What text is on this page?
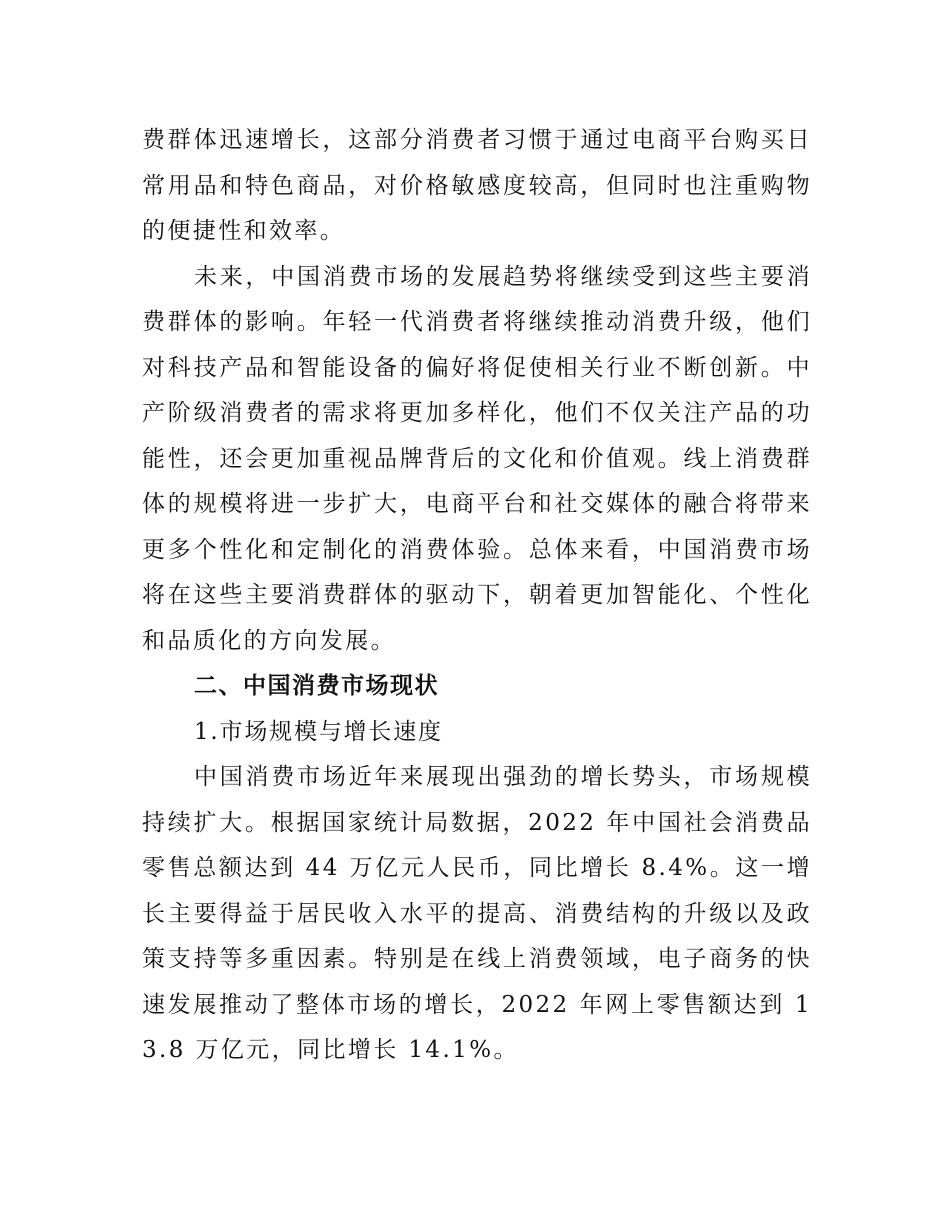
费群体迅速增长，这部分消费者习惯于通过电商平台购买日常用品和特色商品，对价格敏感度较高，但同时也注重购物的便捷性和效率。

未来，中国消费市场的发展趋势将继续受到这些主要消费群体的影响。年轻一代消费者将继续推动消费升级，他们对科技产品和智能设备的偏好将促使相关行业不断创新。中产阶级消费者的需求将更加多样化，他们不仅关注产品的功能性，还会更加重视品牌背后的文化和价值观。线上消费群体的规模将进一步扩大，电商平台和社交媒体的融合将带来更多个性化和定制化的消费体验。总体来看，中国消费市场将在这些主要消费群体的驱动下，朝着更加智能化、个性化和品质化的方向发展。

二、中国消费市场现状

1.市场规模与增长速度

中国消费市场近年来展现出强劲的增长势头，市场规模持续扩大。根据国家统计局数据，2022 年中国社会消费品零售总额达到 44 万亿元人民币，同比增长 8.4%。这一增长主要得益于居民收入水平的提高、消费结构的升级以及政策支持等多重因素。特别是在线上消费领域，电子商务的快速发展推动了整体市场的增长，2022 年网上零售额达到 13.8 万亿元，同比增长 14.1%。
